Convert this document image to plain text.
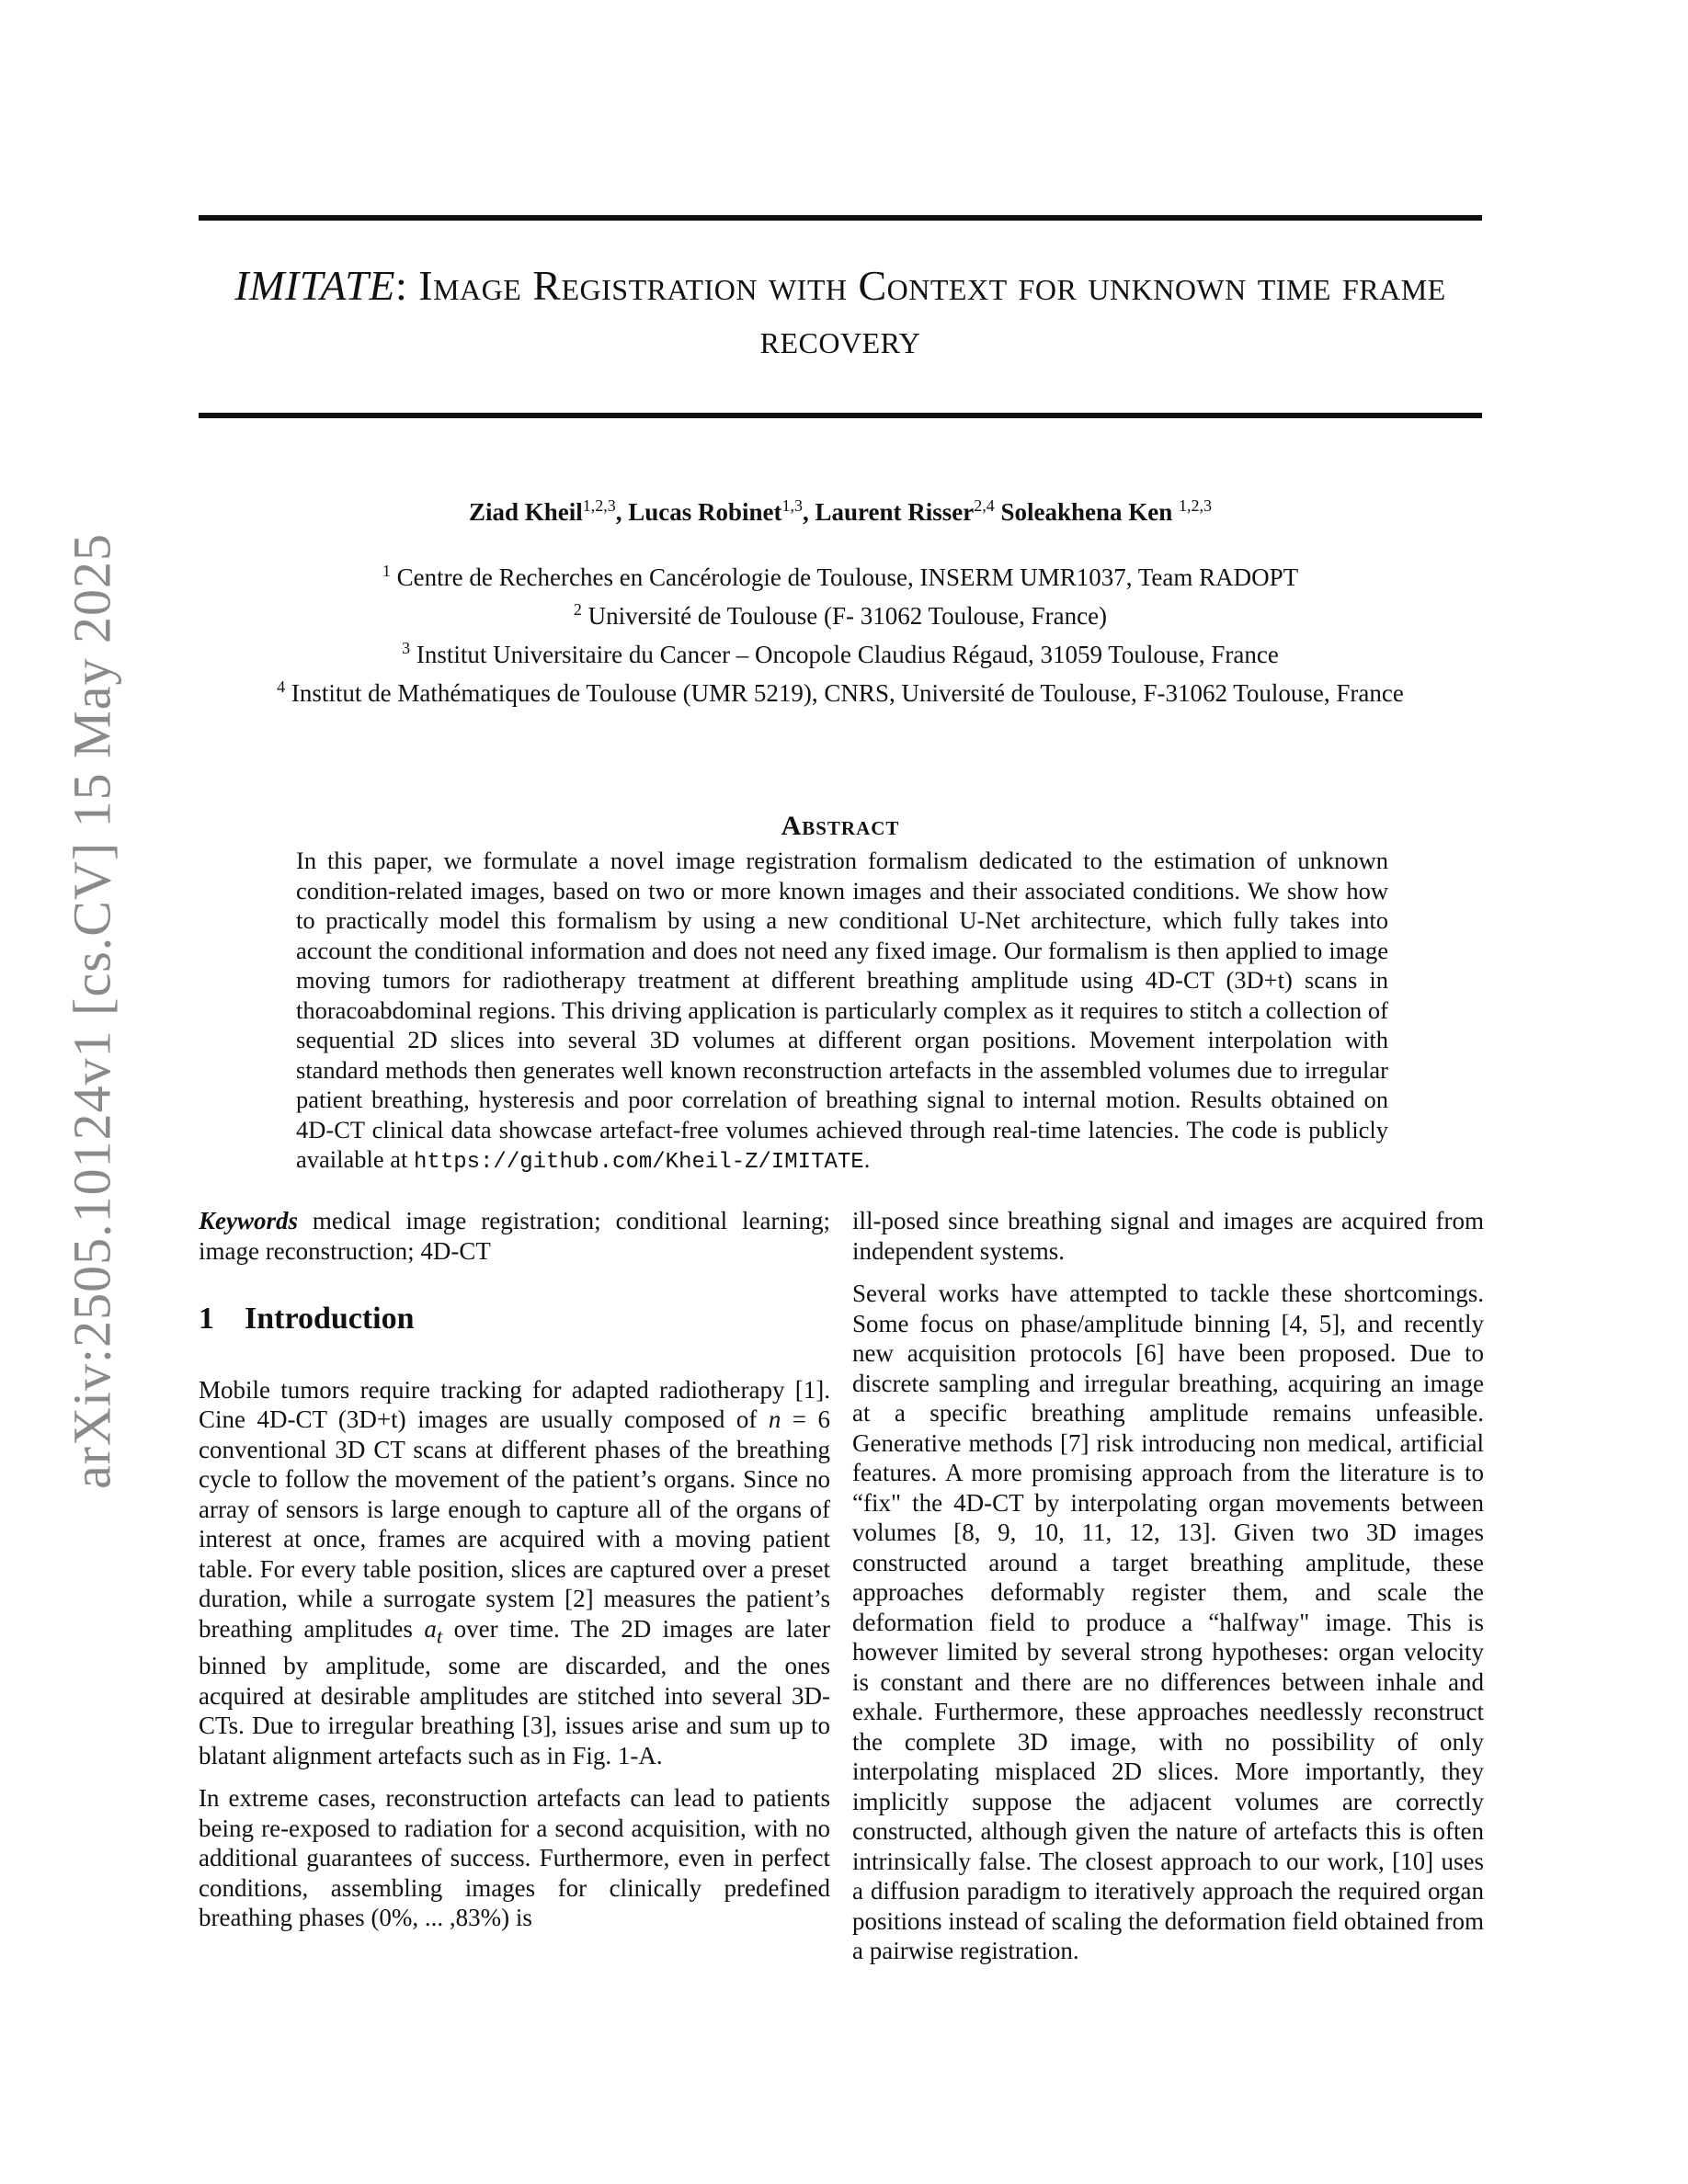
arXiv:2505.10124v1 [cs.CV] 15 May 2025
IMITATE: Image Registration with Context for unknown time frame recovery
Ziad Kheil$^{1,2,3}$, Lucas Robinet$^{1,3}$, Laurent Risser$^{2,4}$ Soleakhena Ken $^{1,2,3}$
$^1$ Centre de Recherches en Cancérologie de Toulouse, INSERM UMR1037, Team RADOPT
$^2$ Université de Toulouse (F- 31062 Toulouse, France)
$^3$ Institut Universitaire du Cancer – Oncopole Claudius Régaud, 31059 Toulouse, France
$^4$ Institut de Mathématiques de Toulouse (UMR 5219), CNRS, Université de Toulouse, F-31062 Toulouse, France
Abstract
In this paper, we formulate a novel image registration formalism dedicated to the estimation of unknown condition-related images, based on two or more known images and their associated conditions. We show how to practically model this formalism by using a new conditional U-Net architecture, which fully takes into account the conditional information and does not need any fixed image. Our formalism is then applied to image moving tumors for radiotherapy treatment at different breathing amplitude using 4D-CT (3D+t) scans in thoracoabdominal regions. This driving application is particularly complex as it requires to stitch a collection of sequential 2D slices into several 3D volumes at different organ positions. Movement interpolation with standard methods then generates well known reconstruction artefacts in the assembled volumes due to irregular patient breathing, hysteresis and poor correlation of breathing signal to internal motion. Results obtained on 4D-CT clinical data showcase artefact-free volumes achieved through real-time latencies. The code is publicly available at https://github.com/Kheil-Z/IMITATE.

Keywords medical image registration; conditional learning; image reconstruction; 4D-CT

1 Introduction

Mobile tumors require tracking for adapted radiotherapy [1]. Cine 4D-CT (3D+t) images are usually composed of n = 6 conventional 3D CT scans at different phases of the breathing cycle to follow the movement of the patient’s organs. Since no array of sensors is large enough to capture all of the organs of interest at once, frames are acquired with a moving patient table. For every table position, slices are captured over a preset duration, while a surrogate system [2] measures the patient’s breathing amplitudes $a_t$ over time. The 2D images are later binned by amplitude, some are discarded, and the ones acquired at desirable amplitudes are stitched into several 3D-CTs. Due to irregular breathing [3], issues arise and sum up to blatant alignment artefacts such as in Fig. 1-A.

In extreme cases, reconstruction artefacts can lead to patients being re-exposed to radiation for a second acquisition, with no additional guarantees of success. Furthermore, even in perfect conditions, assembling images for clinically predefined breathing phases (0%, ... ,83%) is

ill-posed since breathing signal and images are acquired from independent systems.

Several works have attempted to tackle these shortcomings. Some focus on phase/amplitude binning [4, 5], and recently new acquisition protocols [6] have been proposed. Due to discrete sampling and irregular breathing, acquiring an image at a specific breathing amplitude remains unfeasible. Generative methods [7] risk introducing non medical, artificial features. A more promising approach from the literature is to “fix" the 4D-CT by interpolating organ movements between volumes [8, 9, 10, 11, 12, 13]. Given two 3D images constructed around a target breathing amplitude, these approaches deformably register them, and scale the deformation field to produce a “halfway" image. This is however limited by several strong hypotheses: organ velocity is constant and there are no differences between inhale and exhale. Furthermore, these approaches needlessly reconstruct the complete 3D image, with no possibility of only interpolating misplaced 2D slices. More importantly, they implicitly suppose the adjacent volumes are correctly constructed, although given the nature of artefacts this is often intrinsically false. The closest approach to our work, [10] uses a diffusion paradigm to iteratively approach the required organ positions instead of scaling the deformation field obtained from a pairwise registration.
